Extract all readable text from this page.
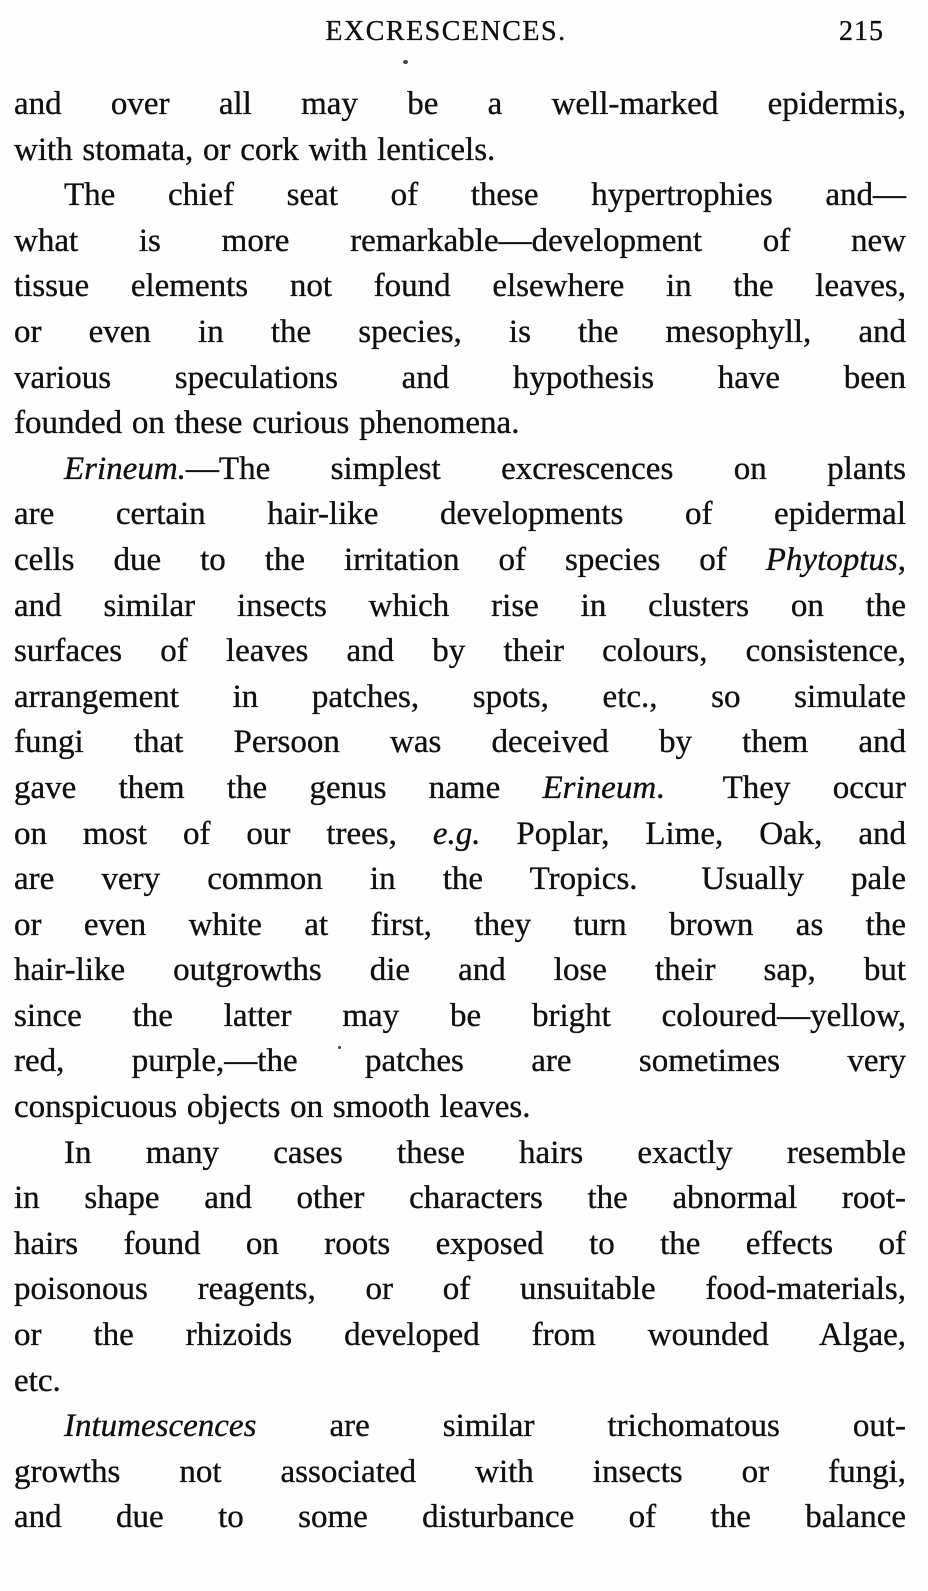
EXCRESCENCES.	215
and over all may be a well-marked epidermis,
with stomata, or cork with lenticels.
The chief seat of these hypertrophies and—
what is more remarkable—development of new
tissue elements not found elsewhere in the leaves,
or even in the species, is the mesophyll, and
various speculations and hypothesis have been
founded on these curious phenomena.
Erineum.—The simplest excrescences on plants
are certain hair-like developments of epidermal
cells due to the irritation of species of Phytoptus,
and similar insects which rise in clusters on the
surfaces of leaves and by their colours, consistence,
arrangement in patches, spots, etc., so simulate
fungi that Persoon was deceived by them and
gave them the genus name Erineum.  They occur
on most of our trees, e.g. Poplar, Lime, Oak, and
are very common in the Tropics.  Usually pale
or even white at first, they turn brown as the
hair-like outgrowths die and lose their sap, but
since the latter may be bright coloured—yellow,
red, purple,—the patches are sometimes very
conspicuous objects on smooth leaves.
In many cases these hairs exactly resemble
in shape and other characters the abnormal root-
hairs found on roots exposed to the effects of
poisonous reagents, or of unsuitable food-materials,
or the rhizoids developed from wounded Algae,
etc.
Intumescences are similar trichomatous out-
growths not associated with insects or fungi,
and due to some disturbance of the balance
